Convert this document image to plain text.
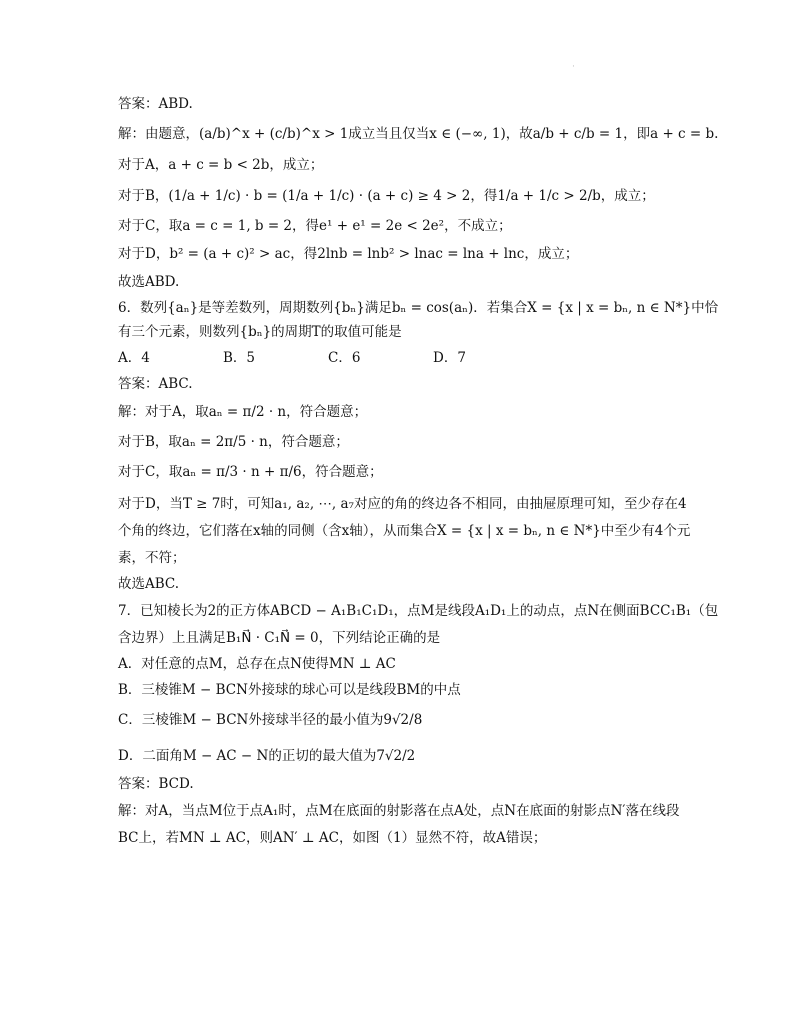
·
答案：ABD.
解：由题意，(a/b)^x + (c/b)^x > 1成立当且仅当x ∈ (−∞, 1)，故a/b + c/b = 1，即a + c = b.
对于A，a + c = b < 2b，成立；
对于B，(1/a + 1/c) · b = (1/a + 1/c) · (a + c) ≥ 4 > 2，得1/a + 1/c > 2/b，成立；
对于C，取a = c = 1, b = 2，得e¹ + e¹ = 2e < 2e²，不成立；
对于D，b² = (a + c)² > ac，得2lnb = lnb² > lnac = lna + lnc，成立；
故选ABD.
6．数列{aₙ}是等差数列，周期数列{bₙ}满足bₙ = cos(aₙ)．若集合X = {x | x = bₙ, n ∈ N*}中恰
有三个元素，则数列{bₙ}的周期T的取值可能是
A．4	B．5	C．6	D．7
答案：ABC.
解：对于A，取aₙ = π/2 · n，符合题意；
对于B，取aₙ = 2π/5 · n，符合题意；
对于C，取aₙ = π/3 · n + π/6，符合题意；
对于D，当T ≥ 7时，可知a₁, a₂, ⋯, a₇对应的角的终边各不相同，由抽屉原理可知，至少存在4
个角的终边，它们落在x轴的同侧（含x轴），从而集合X = {x | x = bₙ, n ∈ N*}中至少有4个元
素，不符；
故选ABC.
7．已知棱长为2的正方体ABCD − A₁B₁C₁D₁，点M是线段A₁D₁上的动点，点N在侧面BCC₁B₁（包
含边界）上且满足B₁N⃗ · C₁N⃗ = 0，下列结论正确的是
A．对任意的点M，总存在点N使得MN ⊥ AC
B．三棱锥M − BCN外接球的球心可以是线段BM的中点
C．三棱锥M − BCN外接球半径的最小值为9√2/8
D．二面角M − AC − N的正切的最大值为7√2/2
答案：BCD.
解：对A，当点M位于点A₁时，点M在底面的射影落在点A处，点N在底面的射影点N′落在线段
BC上，若MN ⊥ AC，则AN′ ⊥ AC，如图（1）显然不符，故A错误；
